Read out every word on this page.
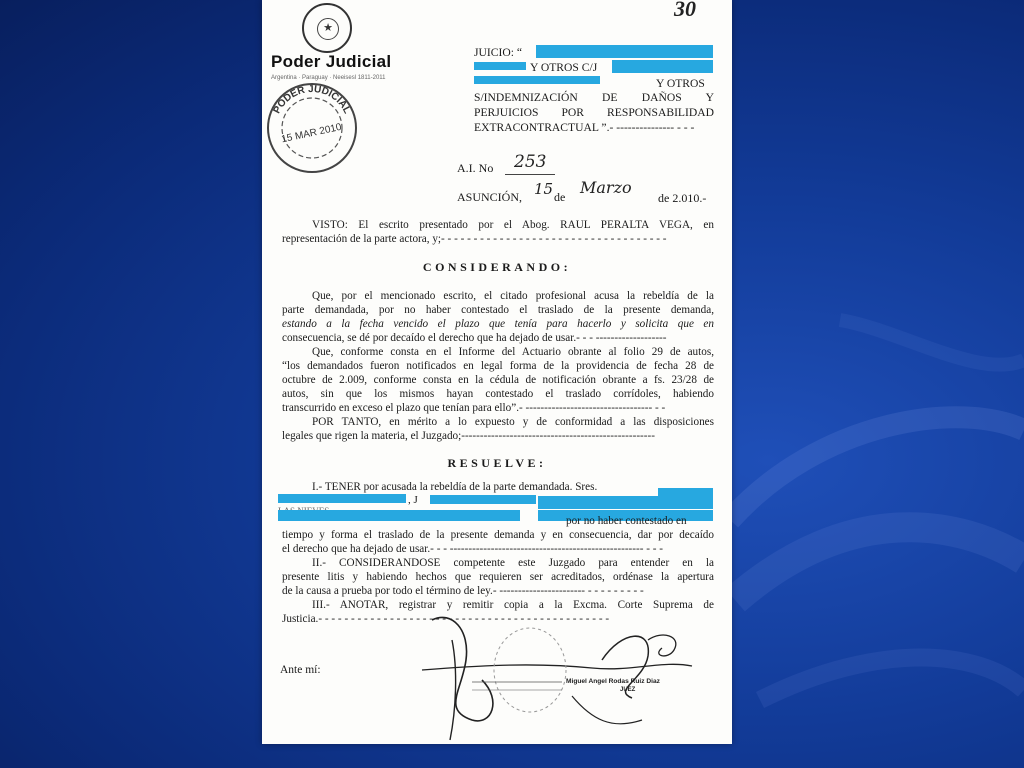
★
Poder Judicial
Argentina · Paraguay · Neeisesl 1811-2011
PODER JUDICIAL
15 MAR 2010
30
JUICIO: “
Y OTROS C/J
Y OTROS
S/INDEMNIZACIÓN DE DAÑOS Y
PERJUICIOS POR RESPONSABILIDAD
EXTRACONTRACTUAL ”.- --------------- - - -
A.I. No 253
ASUNCIÓN, 15 de Marzo
de 2.010.-
VISTO: El escrito presentado por el Abog. RAUL PERALTA VEGA, en
representación de la parte actora, y;- - - - - - - - - - - - - - - - - - - - - - - - - - - - - - - - - - -
CONSIDERANDO:
Que, por el mencionado escrito, el citado profesional acusa la rebeldía de la
parte demandada, por no haber contestado el traslado de la presente demanda,
estando a la fecha vencido el plazo que tenía para hacerlo y solicita que en
consecuencia, se dé por decaído el derecho que ha dejado de usar.- - - -------------------
Que, conforme consta en el Informe del Actuario obrante al folio 29 de autos,
“los demandados fueron notificados en legal forma de la providencia de fecha 28 de
octubre de 2.009, conforme consta en la cédula de notificación obrante a fs. 23/28 de
autos, sin que los mismos hayan contestado el traslado corrídoles, habiendo
transcurrido en exceso el plazo que tenían para ello”.- ---------------------------------- - -
POR TANTO, en mérito a lo expuesto y de conformidad a las disposiciones
legales que rigen la materia, el Juzgado;----------------------------------------------------
RESUELVE:
I.- TENER por acusada la rebeldía de la parte demandada. Sres.
, J
por no haber contestado en
tiempo y forma el traslado de la presente demanda y en consecuencia, dar por decaído
el derecho que ha dejado de usar.- - - ---------------------------------------------------- - - -
II.- CONSIDERANDOSE competente este Juzgado para entender en la
presente litis y habiendo hechos que requieren ser acreditados, ordénase la apertura
de la causa a prueba por todo el término de ley.- ----------------------- - - - - - - - - -
III.- ANOTAR, registrar y remitir copia a la Excma. Corte Suprema de
Justicia.- - - - - - - - - - - - - - - - - - - - - - - - - - - - - - - - - - - - - - - - - - - - -
Ante mí:
Miguel Angel Rodas Ruiz Diaz
JUEZ
